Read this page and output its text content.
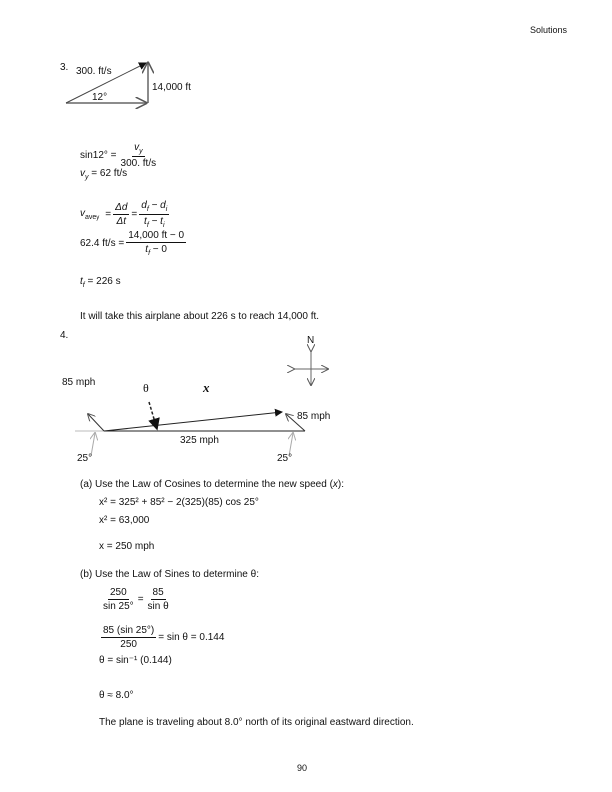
Solutions
3. 300. ft/s
14,000 ft
12°
$\sin 12^\circ = \frac{v_y}{300. ft/s}$
$v_y = 62$ ft/s
$v_{avey} = \frac{\Delta d}{\Delta t} = \frac{d_f - d_i}{t_f - t_i}$
62.4 $ft/s = \frac{14,000 ft - 0}{t_f - 0}$
$t_f = 226$ s
It will take this airplane about 226 s to reach 14,000 ft.
4.	N
85 mph	θ	x
85 mph
325 mph
25°	25°
(a) Use the Law of Cosines to determine the new speed (x):
x² = 325² + 85² − 2(325)(85) cos 25°
x² = 63,000
x = 250 mph
(b) Use the Law of Sines to determine θ:
$\frac{250}{\sin 25^\circ} = \frac{85}{\text{sin θ}}$
$\frac{85 (\sin 25^\circ)}{250} = \sin \theta = 0.144$
θ = sin⁻¹ (0.144)
θ ≈ 8.0°
The plane is traveling about 8.0° north of its original eastward direction.
90
